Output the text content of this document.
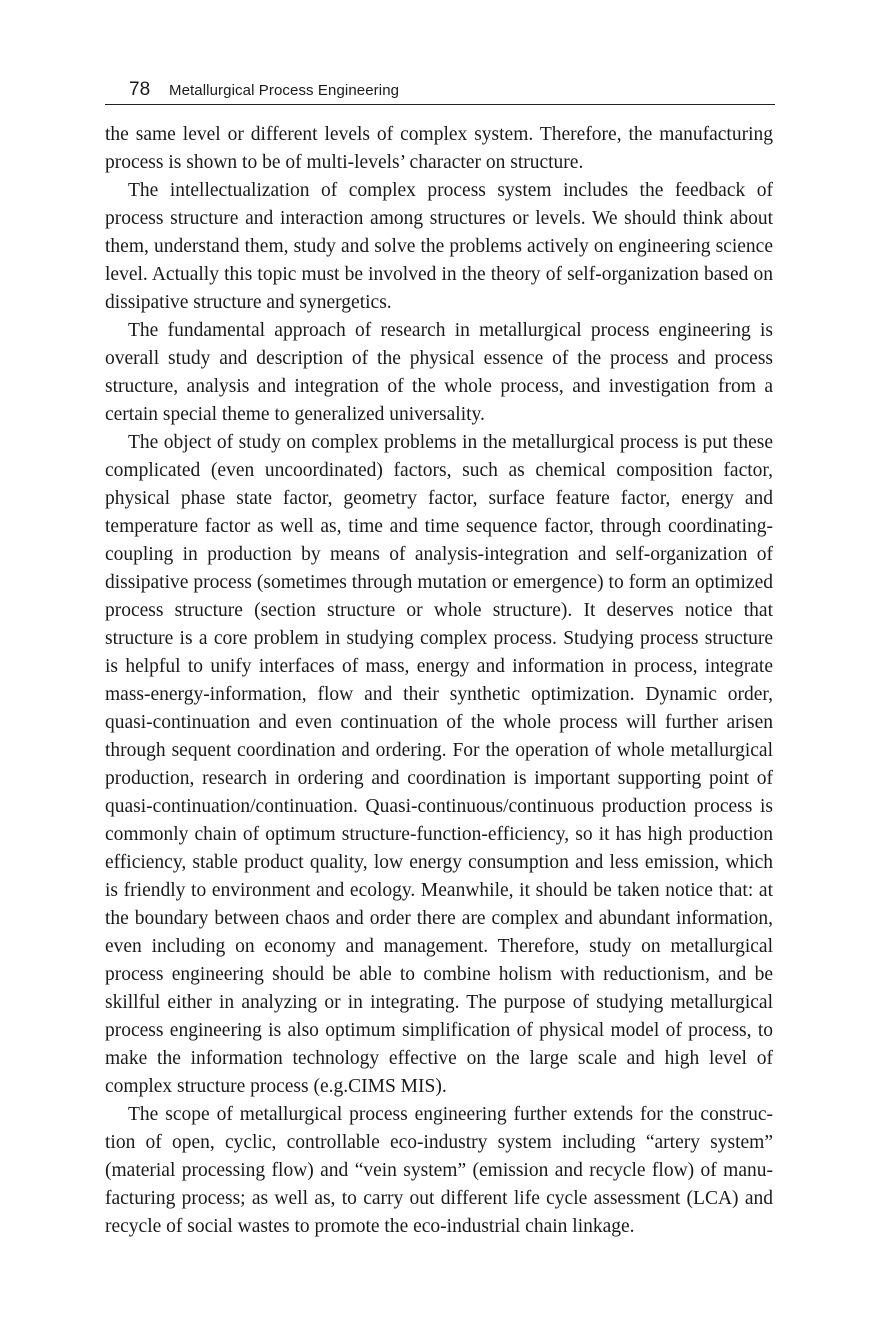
78 Metallurgical Process Engineering

the same level or different levels of complex system. Therefore, the manufacturing process is shown to be of multi-levels’ character on structure.

The intellectualization of complex process system includes the feedback of process structure and interaction among structures or levels. We should think about them, understand them, study and solve the problems actively on engineering science level. Actually this topic must be involved in the theory of self-organization based on dissipative structure and synergetics.

The fundamental approach of research in metallurgical process engineering is overall study and description of the physical essence of the process and process structure, analysis and integration of the whole process, and investigation from a certain special theme to generalized universality.

The object of study on complex problems in the metallurgical process is put these complicated (even uncoordinated) factors, such as chemical composition factor, physical phase state factor, geometry factor, surface feature factor, energy and temperature factor as well as, time and time sequence factor, through coordinating-coupling in production by means of analysis-integration and self-organization of dissipative process (sometimes through mutation or emergence) to form an optimized process structure (section structure or whole structure). It deserves notice that structure is a core problem in studying complex process. Studying process structure is helpful to unify interfaces of mass, energy and information in process, integrate mass-energy-information, flow and their synthetic optimization. Dynamic order, quasi-continuation and even continuation of the whole process will further arisen through sequent coordination and ordering. For the operation of whole metallurgical production, research in ordering and coordination is important supporting point of quasi-continuation/continuation. Quasi-continuous/continuous production process is commonly chain of optimum structure-function-efficiency, so it has high production efficiency, stable product quality, low energy consumption and less emission, which is friendly to environment and ecology. Meanwhile, it should be taken notice that: at the boundary between chaos and order there are complex and abundant information, even including on economy and management. Therefore, study on metallurgical process engineering should be able to combine holism with reductionism, and be skillful either in analyzing or in integrating. The purpose of studying metallurgical process engineering is also optimum simplification of physical model of process, to make the information technology effective on the large scale and high level of complex structure process (e.g.CIMS MIS).

The scope of metallurgical process engineering further extends for the construction of open, cyclic, controllable eco-industry system including “artery system” (material processing flow) and “vein system” (emission and recycle flow) of manufacturing process; as well as, to carry out different life cycle assessment (LCA) and recycle of social wastes to promote the eco-industrial chain linkage.
